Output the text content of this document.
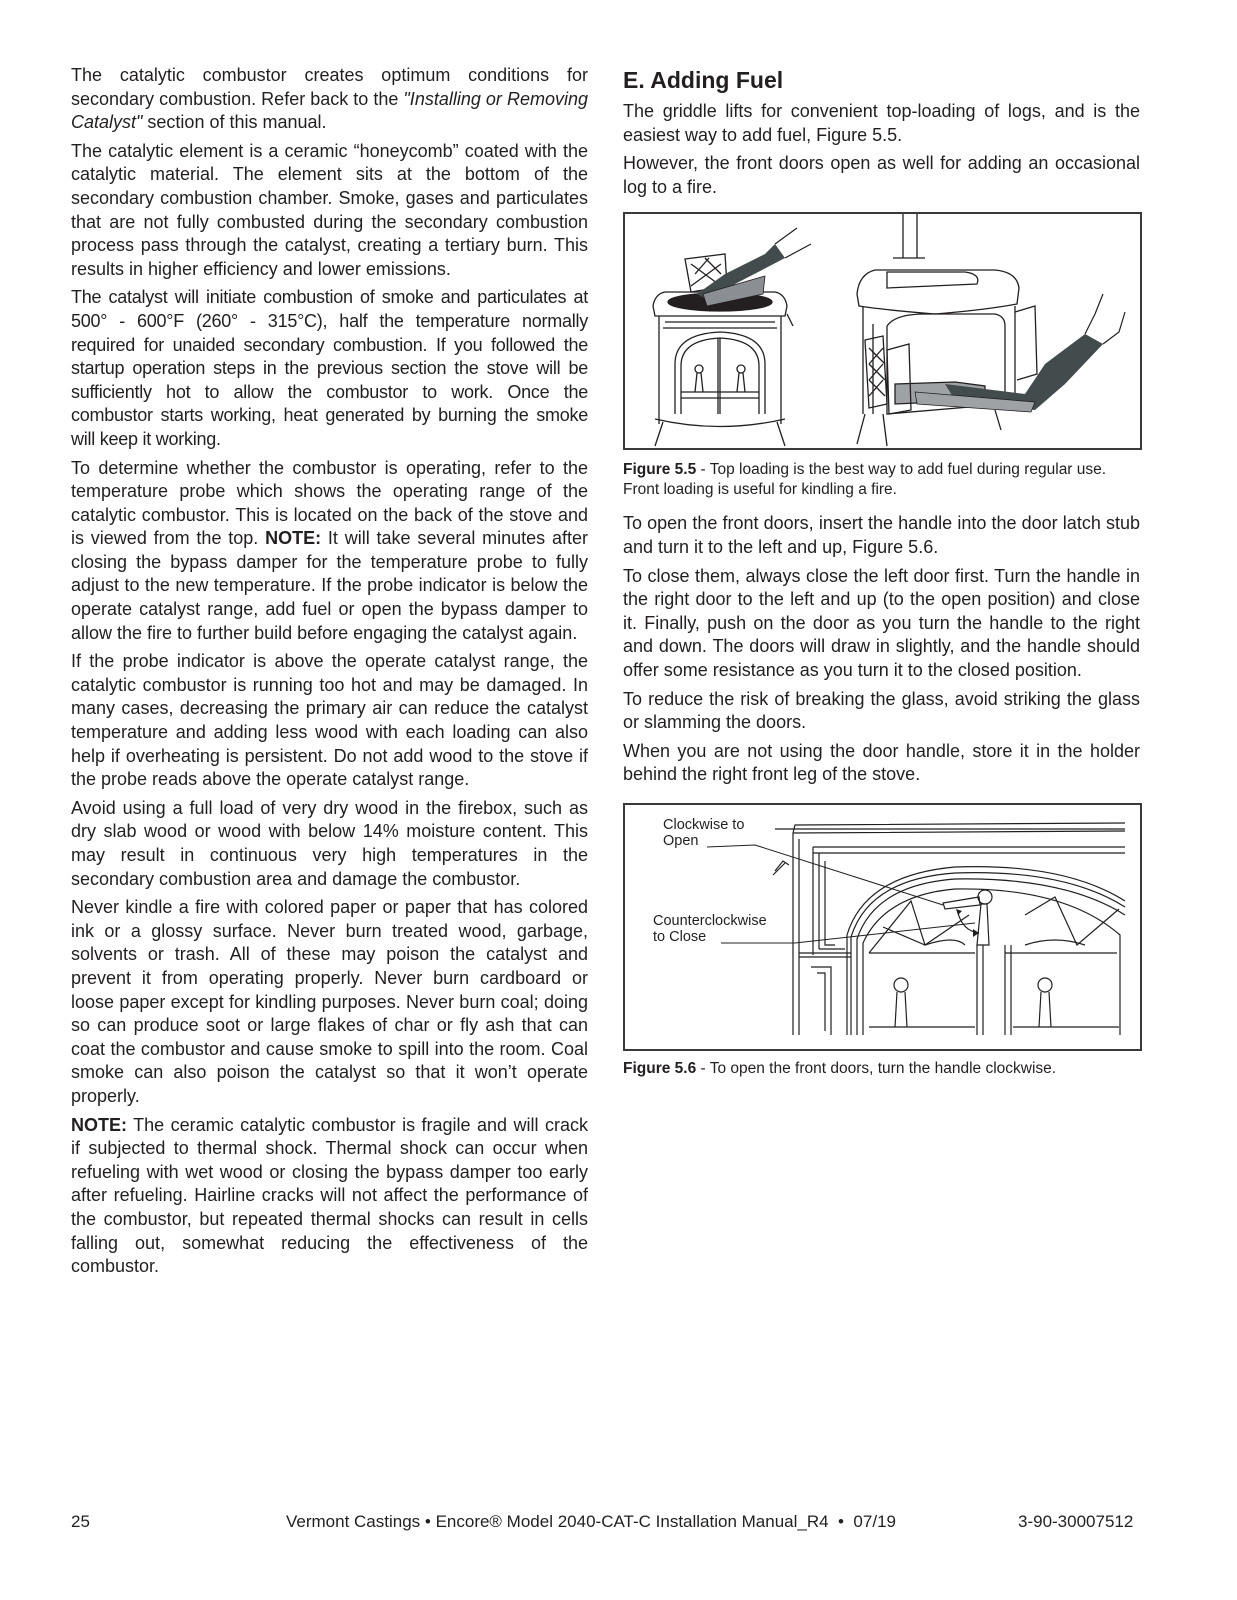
The catalytic combustor creates optimum conditions for secondary combustion. Refer back to the "Installing or Removing Catalyst" section of this manual.

The catalytic element is a ceramic “honeycomb” coated with the catalytic material. The element sits at the bottom of the secondary combustion chamber. Smoke, gases and particulates that are not fully combusted during the secondary combustion process pass through the catalyst, creating a tertiary burn. This results in higher efficiency and lower emissions.

The catalyst will initiate combustion of smoke and particulates at 500° - 600°F (260° - 315°C), half the temperature normally required for unaided secondary combustion. If you followed the startup operation steps in the previous section the stove will be sufficiently hot to allow the combustor to work. Once the combustor starts working, heat generated by burning the smoke will keep it working.

To determine whether the combustor is operating, refer to the temperature probe which shows the operating range of the catalytic combustor. This is located on the back of the stove and is viewed from the top. NOTE: It will take several minutes after closing the bypass damper for the temperature probe to fully adjust to the new temperature. If the probe indicator is below the operate catalyst range, add fuel or open the bypass damper to allow the fire to further build before engaging the catalyst again.

If the probe indicator is above the operate catalyst range, the catalytic combustor is running too hot and may be damaged. In many cases, decreasing the primary air can reduce the catalyst temperature and adding less wood with each loading can also help if overheating is persistent. Do not add wood to the stove if the probe reads above the operate catalyst range.

Avoid using a full load of very dry wood in the firebox, such as dry slab wood or wood with below 14% moisture content. This may result in continuous very high temperatures in the secondary combustion area and damage the combustor.

Never kindle a fire with colored paper or paper that has colored ink or a glossy surface. Never burn treated wood, garbage, solvents or trash. All of these may poison the catalyst and prevent it from operating properly. Never burn cardboard or loose paper except for kindling purposes. Never burn coal; doing so can produce soot or large flakes of char or fly ash that can coat the combustor and cause smoke to spill into the room. Coal smoke can also poison the catalyst so that it won’t operate properly.

NOTE: The ceramic catalytic combustor is fragile and will crack if subjected to thermal shock. Thermal shock can occur when refueling with wet wood or closing the bypass damper too early after refueling. Hairline cracks will not affect the performance of the combustor, but repeated thermal shocks can result in cells falling out, somewhat reducing the effectiveness of the combustor.

E. Adding Fuel

The griddle lifts for convenient top-loading of logs, and is the easiest way to add fuel, Figure 5.5.

However, the front doors open as well for adding an occasional log to a fire.

Figure 5.5 - Top loading is the best way to add fuel during regular use. Front loading is useful for kindling a fire.

To open the front doors, insert the handle into the door latch stub and turn it to the left and up, Figure 5.6.

To close them, always close the left door first. Turn the handle in the right door to the left and up (to the open position) and close it. Finally, push on the door as you turn the handle to the right and down. The doors will draw in slightly, and the handle should offer some resistance as you turn it to the closed position.

To reduce the risk of breaking the glass, avoid striking the glass or slamming the doors.

When you are not using the door handle, store it in the holder behind the right front leg of the stove.

Clockwise to
Open
Counterclockwise
to Close

Figure 5.6 - To open the front doors, turn the handle clockwise.

25	Vermont Castings • Encore® Model 2040-CAT-C Installation Manual_R4  •  07/19	3-90-30007512
